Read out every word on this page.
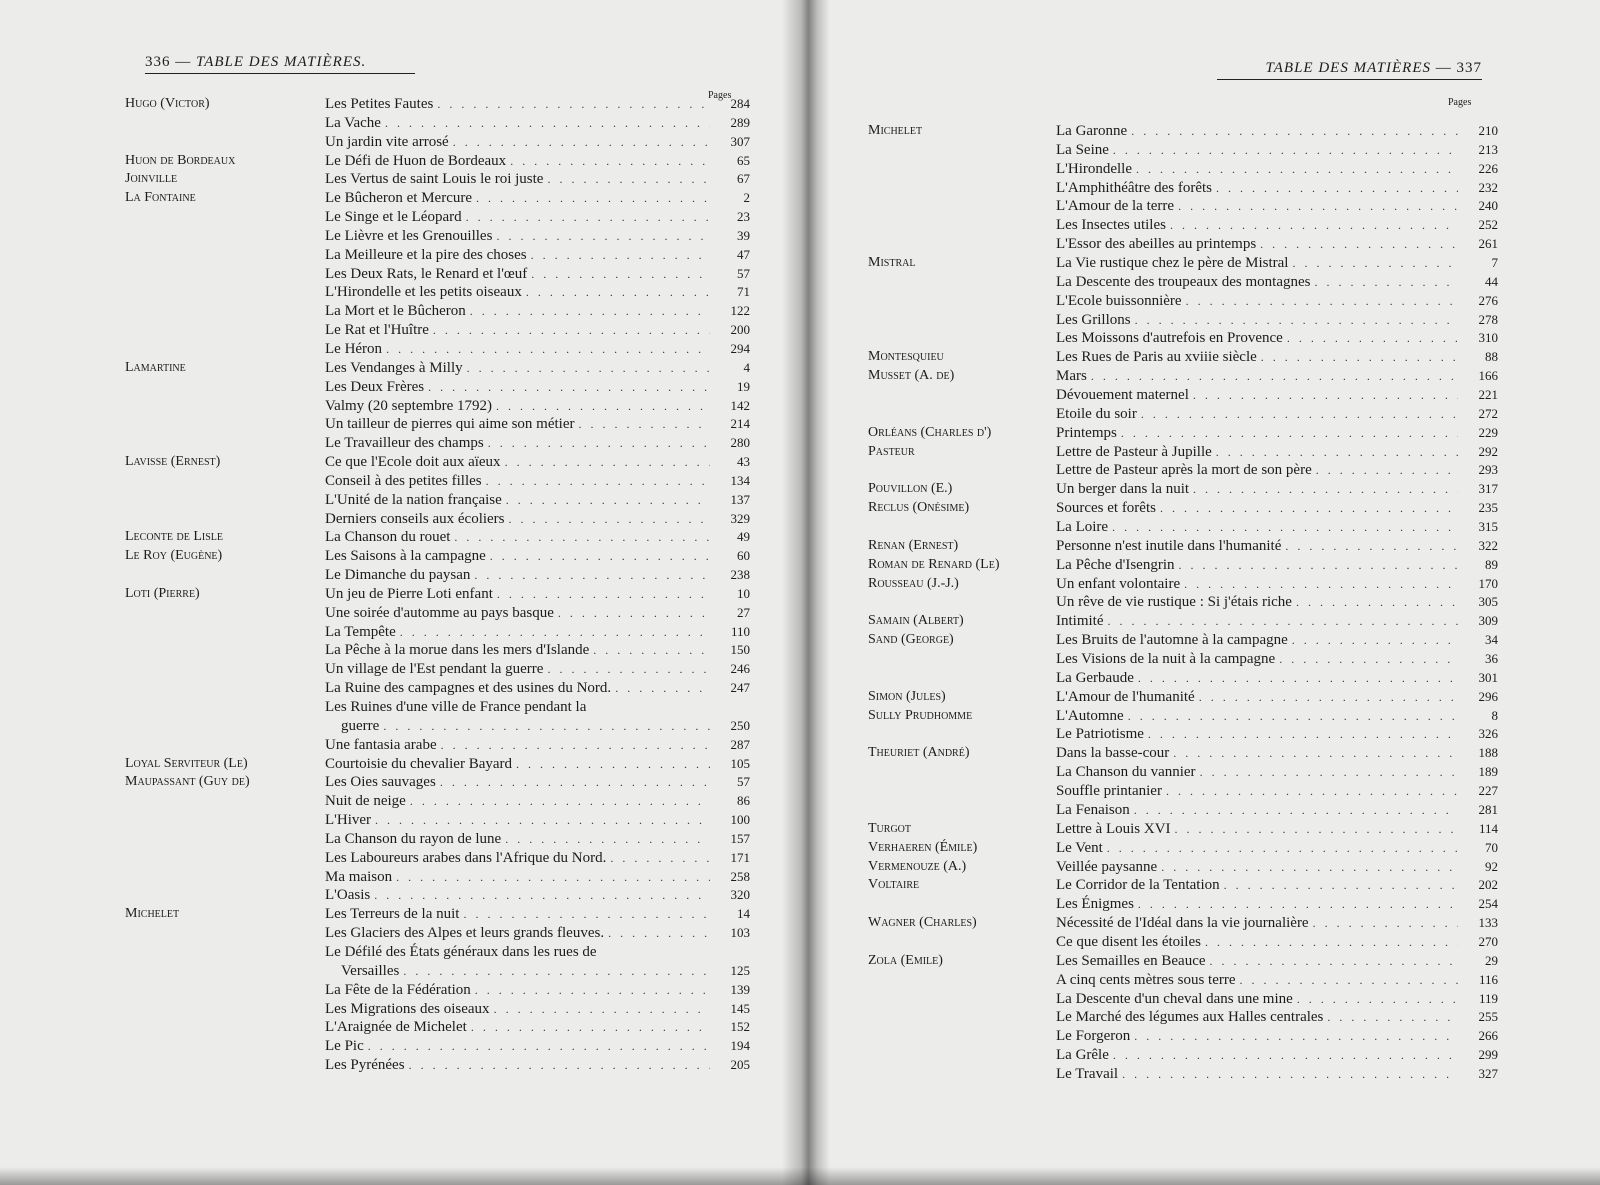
336 — TABLE DES MATIÈRES.
Pages
Hugo (Victor)	Les Petites Fautes . . .	284
La Vache . . .	289
Un jardin vite arrosé . . .	307
Huon de Bordeaux	Le Défi de Huon de Bordeaux . . .	65
Joinville	Les Vertus de saint Louis le roi juste . . .	67
La Fontaine	Le Bûcheron et Mercure . . .	2
Le Singe et le Léopard . . .	23
Le Lièvre et les Grenouilles . . .	39
La Meilleure et la pire des choses . . .	47
Les Deux Rats, le Renard et l'œuf . . .	57
L'Hirondelle et les petits oiseaux . . .	71
La Mort et le Bûcheron . . .	122
Le Rat et l'Huître . . .	200
Le Héron . . .	294
Lamartine	Les Vendanges à Milly . . .	4
Les Deux Frères . . .	19
Valmy (20 septembre 1792) . . .	142
Un tailleur de pierres qui aime son métier . . .	214
Le Travailleur des champs . . .	280
Lavisse (Ernest)	Ce que l'Ecole doit aux aïeux . . .	43
Conseil à des petites filles . . .	134
L'Unité de la nation française . . .	137
Derniers conseils aux écoliers . . .	329
Leconte de Lisle	La Chanson du rouet . . .	49
Le Roy (Eugène)	Les Saisons à la campagne . . .	60
Le Dimanche du paysan . . .	238
Loti (Pierre)	Un jeu de Pierre Loti enfant . . .	10
Une soirée d'automme au pays basque . . .	27
La Tempête . . .	110
La Pêche à la morue dans les mers d'Islande . . .	150
Un village de l'Est pendant la guerre . . .	246
La Ruine des campagnes et des usines du Nord. . . .	247
Les Ruines d'une ville de France pendant la
guerre . . .	250
Une fantasia arabe . . .	287
Loyal Serviteur (Le)	Courtoisie du chevalier Bayard . . .	105
Maupassant (Guy de)	Les Oies sauvages . . .	57
Nuit de neige . . .	86
L'Hiver . . .	100
La Chanson du rayon de lune . . .	157
Les Laboureurs arabes dans l'Afrique du Nord. . . .	171
Ma maison . . .	258
L'Oasis . . .	320
Michelet	Les Terreurs de la nuit . . .	14
Les Glaciers des Alpes et leurs grands fleuves. . . .	103
Le Défilé des États généraux dans les rues de
Versailles . . .	125
La Fête de la Fédération . . .	139
Les Migrations des oiseaux . . .	145
L'Araignée de Michelet . . .	152
Le Pic . . .	194
Les Pyrénées . . .	205
TABLE DES MATIÈRES — 337
Pages
Michelet	La Garonne . . .	210
La Seine . . .	213
L'Hirondelle . . .	226
L'Amphithéâtre des forêts . . .	232
L'Amour de la terre . . .	240
Les Insectes utiles . . .	252
L'Essor des abeilles au printemps . . .	261
Mistral	La Vie rustique chez le père de Mistral . . .	7
La Descente des troupeaux des montagnes . . .	44
L'Ecole buissonnière . . .	276
Les Grillons . . .	278
Les Moissons d'autrefois en Provence . . .	310
Montesquieu	Les Rues de Paris au xviiie siècle . . .	88
Musset (A. de)	Mars . . .	166
Dévouement maternel . . .	221
Etoile du soir . . .	272
Orléans (Charles d')	Printemps . . .	229
Pasteur	Lettre de Pasteur à Jupille . . .	292
Lettre de Pasteur après la mort de son père . . .	293
Pouvillon (E.)	Un berger dans la nuit . . .	317
Reclus (Onésime)	Sources et forêts . . .	235
La Loire . . .	315
Renan (Ernest)	Personne n'est inutile dans l'humanité . . .	322
Roman de Renard (Le)	La Pêche d'Isengrin . . .	89
Rousseau (J.-J.)	Un enfant volontaire . . .	170
Un rêve de vie rustique : Si j'étais riche . . .	305
Samain (Albert)	Intimité . . .	309
Sand (George)	Les Bruits de l'automne à la campagne . . .	34
Les Visions de la nuit à la campagne . . .	36
La Gerbaude . . .	301
Simon (Jules)	L'Amour de l'humanité . . .	296
Sully Prudhomme	L'Automne . . .	8
Le Patriotisme . . .	326
Theuriet (André)	Dans la basse-cour . . .	188
La Chanson du vannier . . .	189
Souffle printanier . . .	227
La Fenaison . . .	281
Turgot	Lettre à Louis XVI . . .	114
Verhaeren (Émile)	Le Vent . . .	70
Vermenouze (A.)	Veillée paysanne . . .	92
Voltaire	Le Corridor de la Tentation . . .	202
Les Énigmes . . .	254
Wagner (Charles)	Nécessité de l'Idéal dans la vie journalière . . .	133
Ce que disent les étoiles . . .	270
Zola (Emile)	Les Semailles en Beauce . . .	29
A cinq cents mètres sous terre . . .	116
La Descente d'un cheval dans une mine . . .	119
Le Marché des légumes aux Halles centrales . . .	255
Le Forgeron . . .	266
La Grêle . . .	299
Le Travail . . .	327
